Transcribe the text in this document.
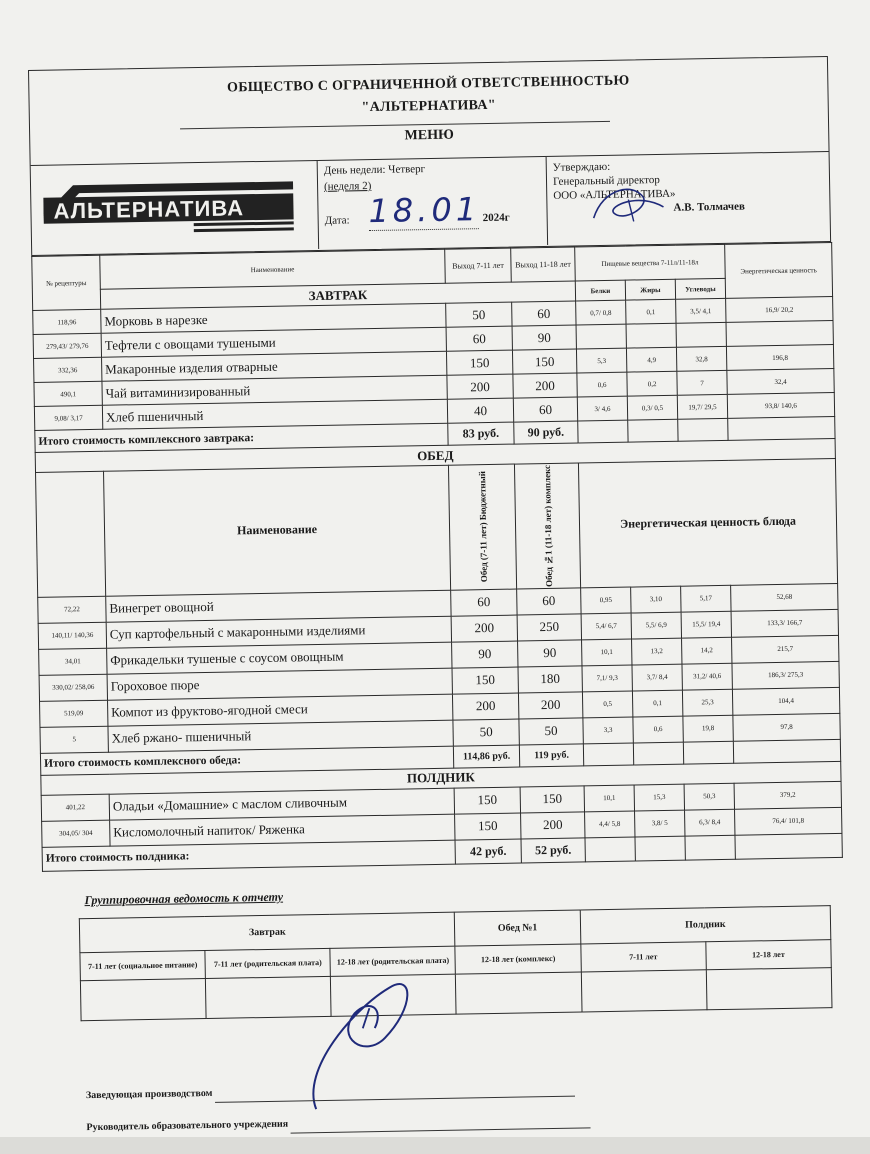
ОБЩЕСТВО С ОГРАНИЧЕННОЙ ОТВЕТСТВЕННОСТЬЮ
"АЛЬТЕРНАТИВА"
МЕНЮ
АЛЬТЕРНАТИВА
День недели: Четверг
(неделя 2)
Дата: 18.01 2024г
Утверждаю:
Генеральный директор
ООО «АЛЬТЕРНАТИВА»
А.В. Толмачев
№ рецептуры	Наименование	Выход 7-11 лет	Выход 11-18 лет	Пищевые вещества 7-11л/11-18л			Энергетическая ценность
	ЗАВТРАК			Белки	Жиры	Углеводы	
118,96	Морковь в нарезке	50	60	0,7/ 0,8	0,1	3,5/ 4,1	16,9/ 20,2
279,43/ 279,76	Тефтели с овощами тушеными	60	90				
332,36	Макаронные изделия отварные	150	150	5,3	4,9	32,8	196,8
490,1	Чай витаминизированный	200	200	0,6	0,2	7	32,4
9,08/ 3,17	Хлеб пшеничный	40	60	3/ 4,6	0,3/ 0,5	19,7/ 29,5	93,8/ 140,6
Итого стоимость комплексного завтрака:		83 руб.	90 руб.				
ОБЕД							
	Наименование	Обед (7-11 лет) Бюджетный	Обед №1 (11-18 лет) комплекс	Энергетическая ценность блюда			
72,22	Винегрет овощной	60	60	0,95	3,10	5,17	52,68
140,11/ 140,36	Суп картофельный с макаронными изделиями	200	250	5,4/ 6,7	5,5/ 6,9	15,5/ 19,4	133,3/ 166,7
34,01	Фрикадельки тушеные с соусом овощным	90	90	10,1	13,2	14,2	215,7
330,02/ 258,06	Гороховое пюре	150	180	7,1/ 9,3	3,7/ 8,4	31,2/ 40,6	186,3/ 275,3
519,09	Компот из фруктово-ягодной смеси	200	200	0,5	0,1	25,3	104,4
5	Хлеб ржано- пшеничный	50	50	3,3	0,6	19,8	97,8
Итого стоимость комплексного обеда:		114,86 руб.	119 руб.				
ПОЛДНИК							
401,22	Оладьи «Домашние» с маслом сливочным	150	150	10,1	15,3	50,3	379,2
304,05/ 304	Кисломолочный напиток/ Ряженка	150	200	4,4/ 5,8	3,8/ 5	6,3/ 8,4	76,4/ 101,8
Итого стоимость полдника:		42 руб.	52 руб.				
Группировочная ведомость к отчету
Завтрак			Обед №1	Полдник	
7-11 лет (социальное питание)	7-11 лет (родительская плата)	12-18 лет (родительская плата)	12-18 лет (комплекс)	7-11 лет	12-18 лет

Заведующая производством
Руководитель образовательного учреждения
